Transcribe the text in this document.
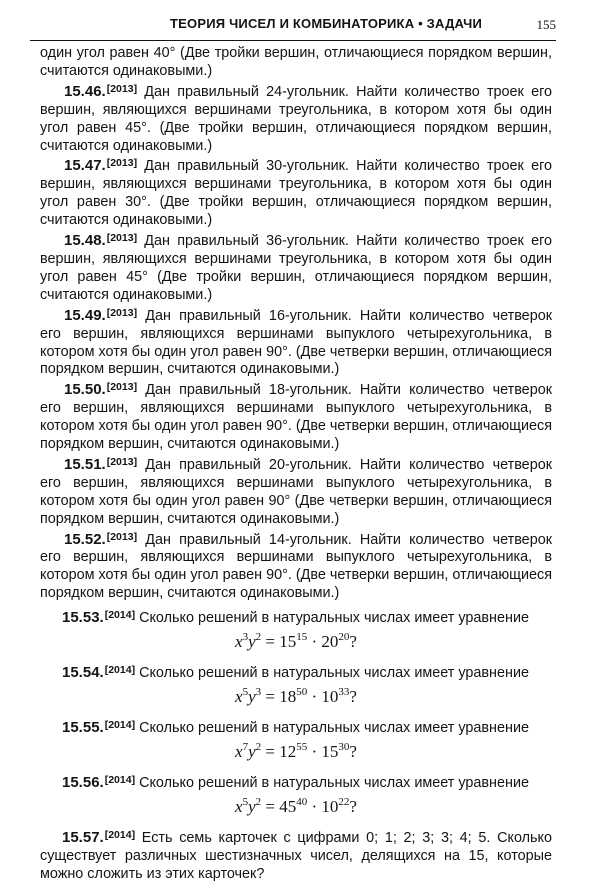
ТЕОРИЯ ЧИСЕЛ И КОМБИНАТОРИКА • ЗАДАЧИ	155

один угол равен 40° (Две тройки вершин, отличающиеся порядком вершин, считаются одинаковыми.)

15.46.[2013] Дан правильный 24-угольник. Найти количество троек его вершин, являющихся вершинами треугольника, в котором хотя бы один угол равен 45°. (Две тройки вершин, отличающиеся порядком вершин, считаются одинаковыми.)

15.47.[2013] Дан правильный 30-угольник. Найти количество троек его вершин, являющихся вершинами треугольника, в котором хотя бы один угол равен 30°. (Две тройки вершин, отличающиеся порядком вершин, считаются одинаковыми.)

15.48.[2013] Дан правильный 36-угольник. Найти количество троек его вершин, являющихся вершинами треугольника, в котором хотя бы один угол равен 45° (Две тройки вершин, отличающиеся порядком вершин, считаются одинаковыми.)

15.49.[2013] Дан правильный 16-угольник. Найти количество четверок его вершин, являющихся вершинами выпуклого четырехугольника, в котором хотя бы один угол равен 90°. (Две четверки вершин, отличающиеся порядком вершин, считаются одинаковыми.)

15.50.[2013] Дан правильный 18-угольник. Найти количество четверок его вершин, являющихся вершинами выпуклого четырехугольника, в котором хотя бы один угол равен 90°. (Две четверки вершин, отличающиеся порядком вершин, считаются одинаковыми.)

15.51.[2013] Дан правильный 20-угольник. Найти количество четверок его вершин, являющихся вершинами выпуклого четырехугольника, в котором хотя бы один угол равен 90° (Две четверки вершин, отличающиеся порядком вершин, считаются одинаковыми.)

15.52.[2013] Дан правильный 14-угольник. Найти количество четверок его вершин, являющихся вершинами выпуклого четырехугольника, в котором хотя бы один угол равен 90°. (Две четверки вершин, отличающиеся порядком вершин, считаются одинаковыми.)

15.53.[2014] Сколько решений в натуральных числах имеет уравнение

$x^3y^2 = 15^{15} \cdot 20^{20}$?

15.54.[2014] Сколько решений в натуральных числах имеет уравнение

$x^5y^3 = 18^{50} \cdot 10^{33}$?

15.55.[2014] Сколько решений в натуральных числах имеет уравнение

$x^7y^2 = 12^{55} \cdot 15^{30}$?

15.56.[2014] Сколько решений в натуральных числах имеет уравнение

$x^5y^2 = 45^{40} \cdot 10^{22}$?

15.57.[2014] Есть семь карточек с цифрами 0; 1; 2; 3; 3; 4; 5. Сколько существует различных шестизначных чисел, делящихся на 15, которые можно сложить из этих карточек?
